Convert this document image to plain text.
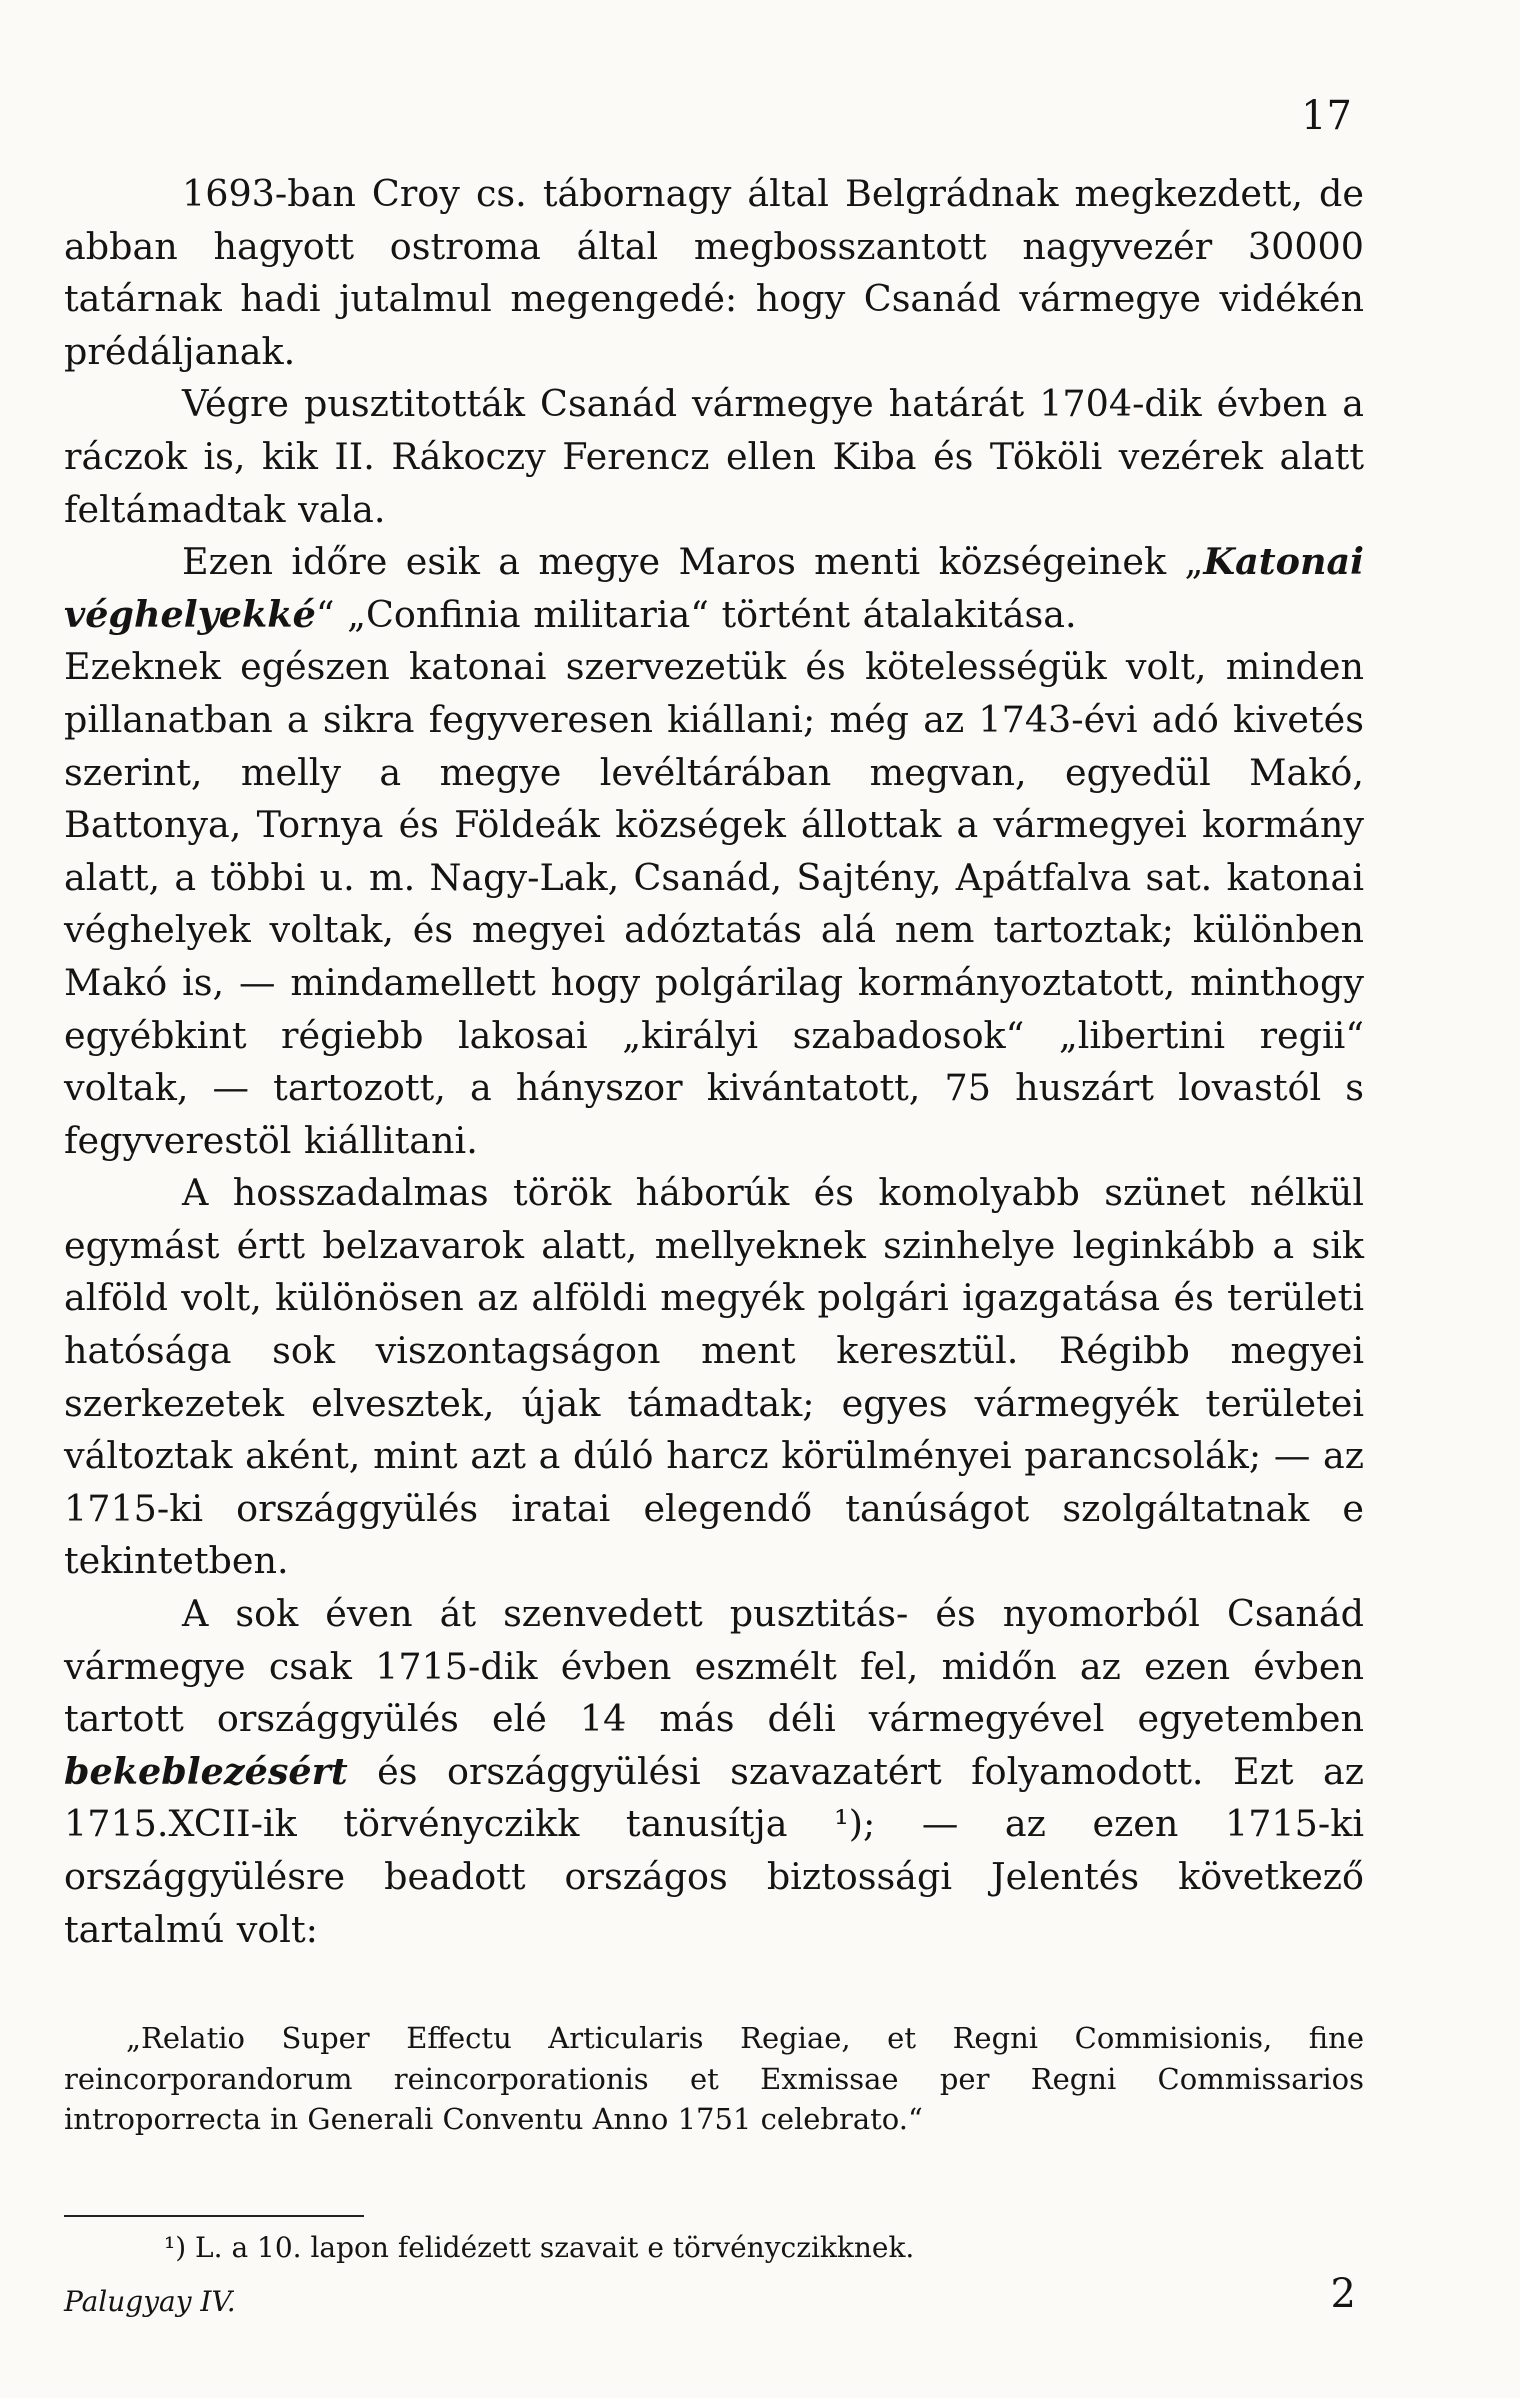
17

1693-ban Croy cs. tábornagy által Belgrádnak megkezdett, de abban hagyott ostroma által megbosszantott nagyvezér 30000 tatárnak hadi jutalmul megengedé: hogy Csanád vármegye vidékén prédáljanak.

Végre pusztitották Csanád vármegye határát 1704-dik évben a ráczok is, kik II. Rákoczy Ferencz ellen Kiba és Tököli vezérek alatt feltámadtak vala.

Ezen időre esik a megye Maros menti községeinek „Katonai véghelyekké“ „Confinia militaria“ történt átalakitása.

Ezeknek egészen katonai szervezetük és kötelességük volt, minden pillanatban a sikra fegyveresen kiállani; még az 1743-évi adó kivetés szerint, melly a megye levéltárában megvan, egyedül Makó, Battonya, Tornya és Földeák községek állottak a vármegyei kormány alatt, a többi u. m. Nagy-Lak, Csanád, Sajtény, Apátfalva sat. katonai véghelyek voltak, és megyei adóztatás alá nem tartoztak; különben Makó is, — mindamellett hogy polgárilag kormányoztatott, minthogy egyébkint régiebb lakosai „királyi szabadosok“ „libertini regii“ voltak, — tartozott, a hányszor kivántatott, 75 huszárt lovastól s fegyverestöl kiállitani.

A hosszadalmas török háborúk és komolyabb szünet nélkül egymást értt belzavarok alatt, mellyeknek szinhelye leginkább a sik alföld volt, különösen az alföldi megyék polgári igazgatása és területi hatósága sok viszontagságon ment keresztül. Régibb megyei szerkezetek elvesztek, újak támadtak; egyes vármegyék területei változtak aként, mint azt a dúló harcz körülményei parancsolák; — az 1715-ki országgyülés iratai elegendő tanúságot szolgáltatnak e tekintetben.

A sok éven át szenvedett pusztitás- és nyomorból Csanád vármegye csak 1715-dik évben eszmélt fel, midőn az ezen évben tartott országgyülés elé 14 más déli vármegyével egyetemben bekeblezésért és országgyülési szavazatért folyamodott. Ezt az 1715.XCII-ik törvényczikk tanusítja ¹); — az ezen 1715-ki országgyülésre beadott országos biztossági Jelentés következő tartalmú volt:

„Relatio Super Effectu Articularis Regiae, et Regni Commisionis, fine reincorporandorum reincorporationis et Exmissae per Regni Commissarios introporrecta in Generali Conventu Anno 1751 celebrato.“

¹) L. a 10. lapon felidézett szavait e törvényczikknek.

Palugyay IV.	2
